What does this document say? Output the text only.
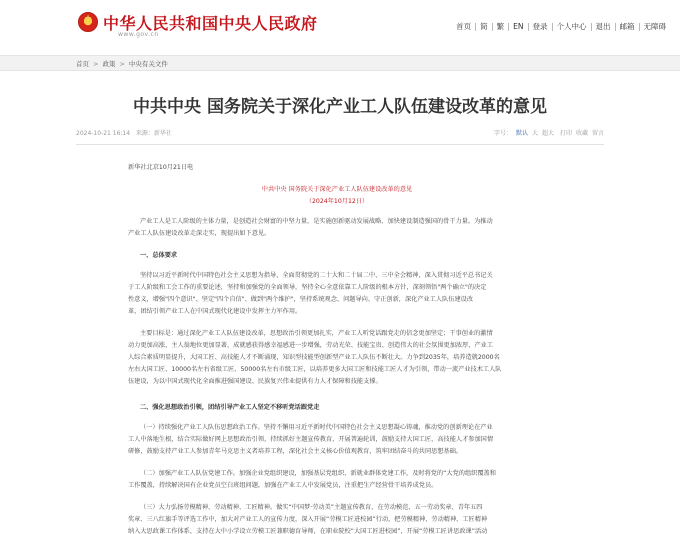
★
中华人民共和国中央人民政府
www.gov.cn
首页	简	繁	EN	登录	个人中心	退出	邮箱	无障碍
首页 > 政策 > 中央有关文件
中共中央 国务院关于深化产业工人队伍建设改革的意见
2024-10-21 16:14 来源：新华社	字号： 默认 大 超大 打印 收藏 留言
新华社北京10月21日电
中共中央 国务院关于深化产业工人队伍建设改革的意见
（2024年10月12日）
产业工人是工人阶级的主体力量，是创造社会财富的中坚力量，是实施创新驱动发展战略、加快建设制造强国的骨干力量。为推动
产业工人队伍建设改革走深走实，现提出如下意见。
一、总体要求
坚持以习近平新时代中国特色社会主义思想为指导，全面贯彻党的二十大和二十届二中、三中全会精神，深入贯彻习近平总书记关
于工人阶级和工会工作的重要论述，坚持和加强党的全面领导，坚持全心全意依靠工人阶级的根本方针，深刻领悟"两个确立"的决定
性意义，增强"四个意识"、坚定"四个自信"、做到"两个维护"，坚持系统观念、问题导向、守正创新，深化产业工人队伍建设改
革，团结引领产业工人在中国式现代化建设中发挥主力军作用。
主要目标是：通过深化产业工人队伍建设改革，思想政治引领更加扎实，产业工人听党话跟党走的信念更加坚定；干事创业的激情
动力更加高涨，主人翁地位更加显著，成就感获得感幸福感进一步增强，劳动光荣、技能宝贵、创造伟大的社会氛围更加浓厚，产业工
人综合素质明显提升，大国工匠、高技能人才不断涌现，知识型技能型创新型产业工人队伍不断壮大。力争到2035年，培养造就2000名
左右大国工匠、10000名左右省级工匠、50000名左右市级工匠，以培养更多大国工匠和技能工匠人才为引领，带动一流产业技术工人队
伍建设，为以中国式现代化全面推进强国建设、民族复兴伟业提供有力人才保障和技能支撑。
二、强化思想政治引领，团结引导产业工人坚定不移听党话跟党走
（一）持续强化产业工人队伍思想政治工作。坚持不懈用习近平新时代中国特色社会主义思想凝心铸魂，推动党的创新理论在产业
工人中落地生根，结合实际做好网上思想政治引领，持续抓好主题宣传教育，开展普遍轮训，鼓励支持大国工匠、高技能人才参加国情
研修，鼓励支持产业工人参加青年马克思主义者培养工程，深化社会主义核心价值观教育，筑牢团结奋斗的共同思想基础。
（二）加强产业工人队伍党建工作。加强企业党组织建设，加强基层党组织、新就业群体党建工作，及时将党的“大党的组织覆盖和
工作覆盖，持续解决国有企业党员空白班组问题，加强在产业工人中发展党员，注重把生产经营骨干培养成党员。
（三）大力弘扬劳模精神、劳动精神、工匠精神。做实“中国梦·劳动美”主题宣传教育，在劳动模范、五一劳动奖章、青年五四
奖章、三八红旗手等评选工作中，加大对产业工人的宣传力度，深入开展“劳模工匠进校园”行动，把劳模精神、劳动精神、工匠精神
纳入大思政课工作体系，支持在大中小学设立劳模工匠兼职德育导师，在职业院校“大国工匠进校园”，开展“劳模工匠讲思政课”活动
